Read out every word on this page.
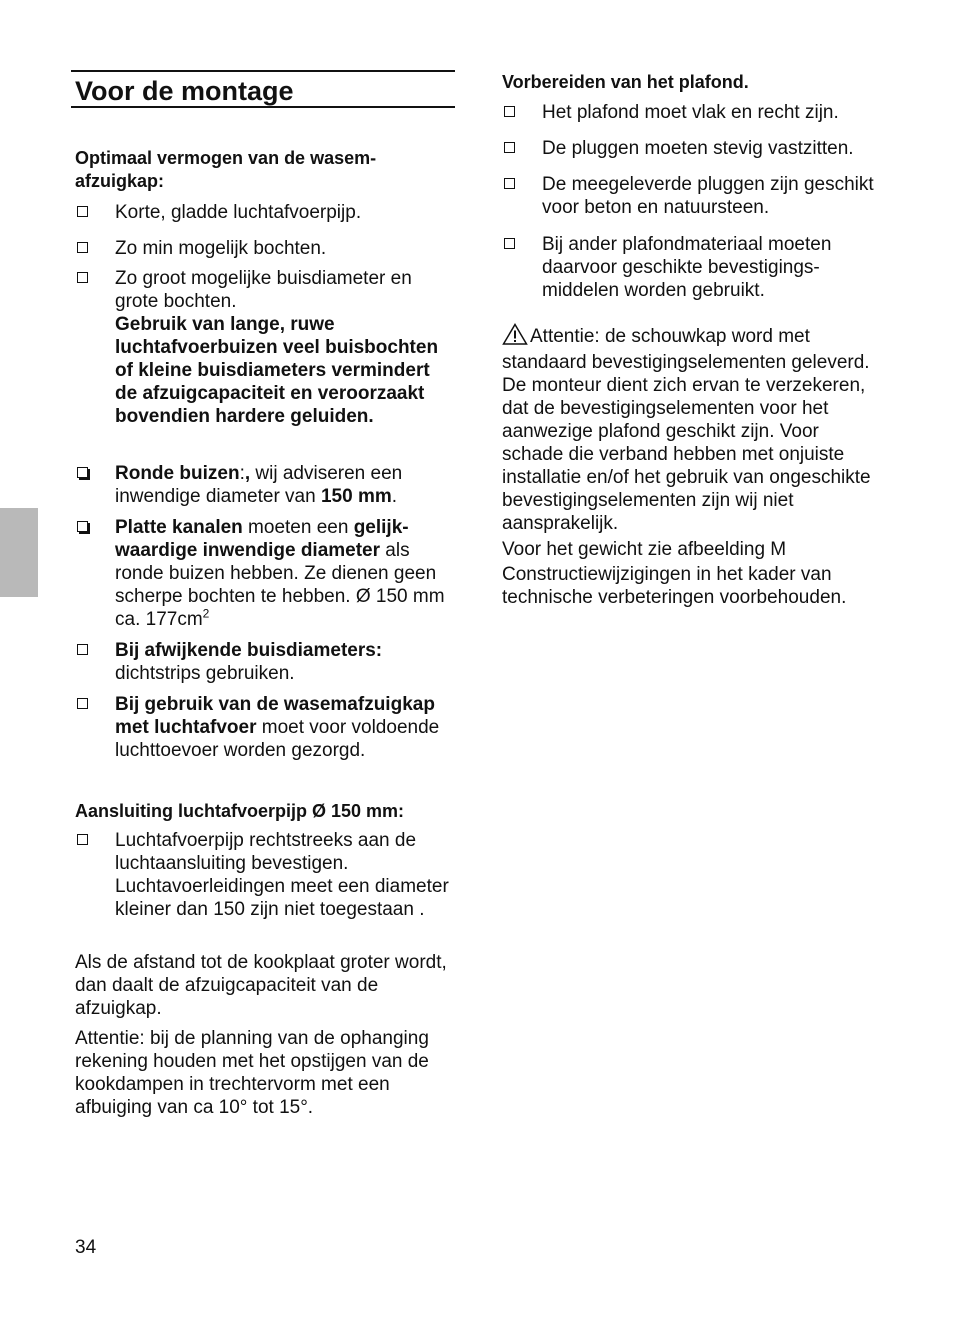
Voor de montage

Optimaal vermogen van de wasem-
afzuigkap:

Korte, gladde luchtafvoerpijp.

Zo min mogelijk bochten.

Zo groot mogelijke buisdiameter en grote bochten.

Gebruik van lange, ruwe luchtafvoerbuizen veel buisbochten of kleine buisdiameters vermindert de afzuigcapaciteit en veroorzaakt bovendien hardere geluiden.

Ronde buizen:, wij adviseren een inwendige diameter van 150 mm.

Platte kanalen moeten een gelijk-waardige inwendige diameter als ronde buizen hebben. Ze dienen geen scherpe bochten te hebben. Ø 150 mm ca. $177cm^2$

Bij afwijkende buisdiameters: dichtstrips gebruiken.

Bij gebruik van de wasemafzuigkap met luchtafvoer moet voor voldoende luchttoevoer worden gezorgd.

Aansluiting luchtafvoerpijp Ø 150 mm:

Luchtafvoerpijp rechtstreeks aan de luchtaansluiting bevestigen. Luchtavoerleidingen meet een diameter kleiner dan 150 zijn niet toegestaan .

Als de afstand tot de kookplaat groter wordt, dan daalt de afzuigcapaciteit van de afzuigkap.

Attentie: bij de planning van de ophanging rekening houden met het opstijgen van de kookdampen in trechtervorm met een afbuiging van ca 10° tot 15°.

Vorbereiden van het plafond.

Het plafond moet vlak en recht zijn.

De pluggen moeten stevig vastzitten.

De meegeleverde pluggen zijn geschikt voor beton en natuursteen.

Bij ander plafondmateriaal moeten daarvoor geschikte bevestigings-middelen worden gebruikt.

Attentie: de schouwkap word met standaard bevestigingselementen geleverd. De monteur dient zich ervan te verzekeren, dat de bevestigingselementen voor het aanwezige plafond geschikt zijn. Voor schade die verband hebben met onjuiste installatie en/of het gebruik van ongeschikte bevestigingselementen zijn wij niet aansprakelijk.

Voor het gewicht zie afbeelding M

Constructiewijzigingen in het kader van technische verbeteringen voorbehouden.

34
